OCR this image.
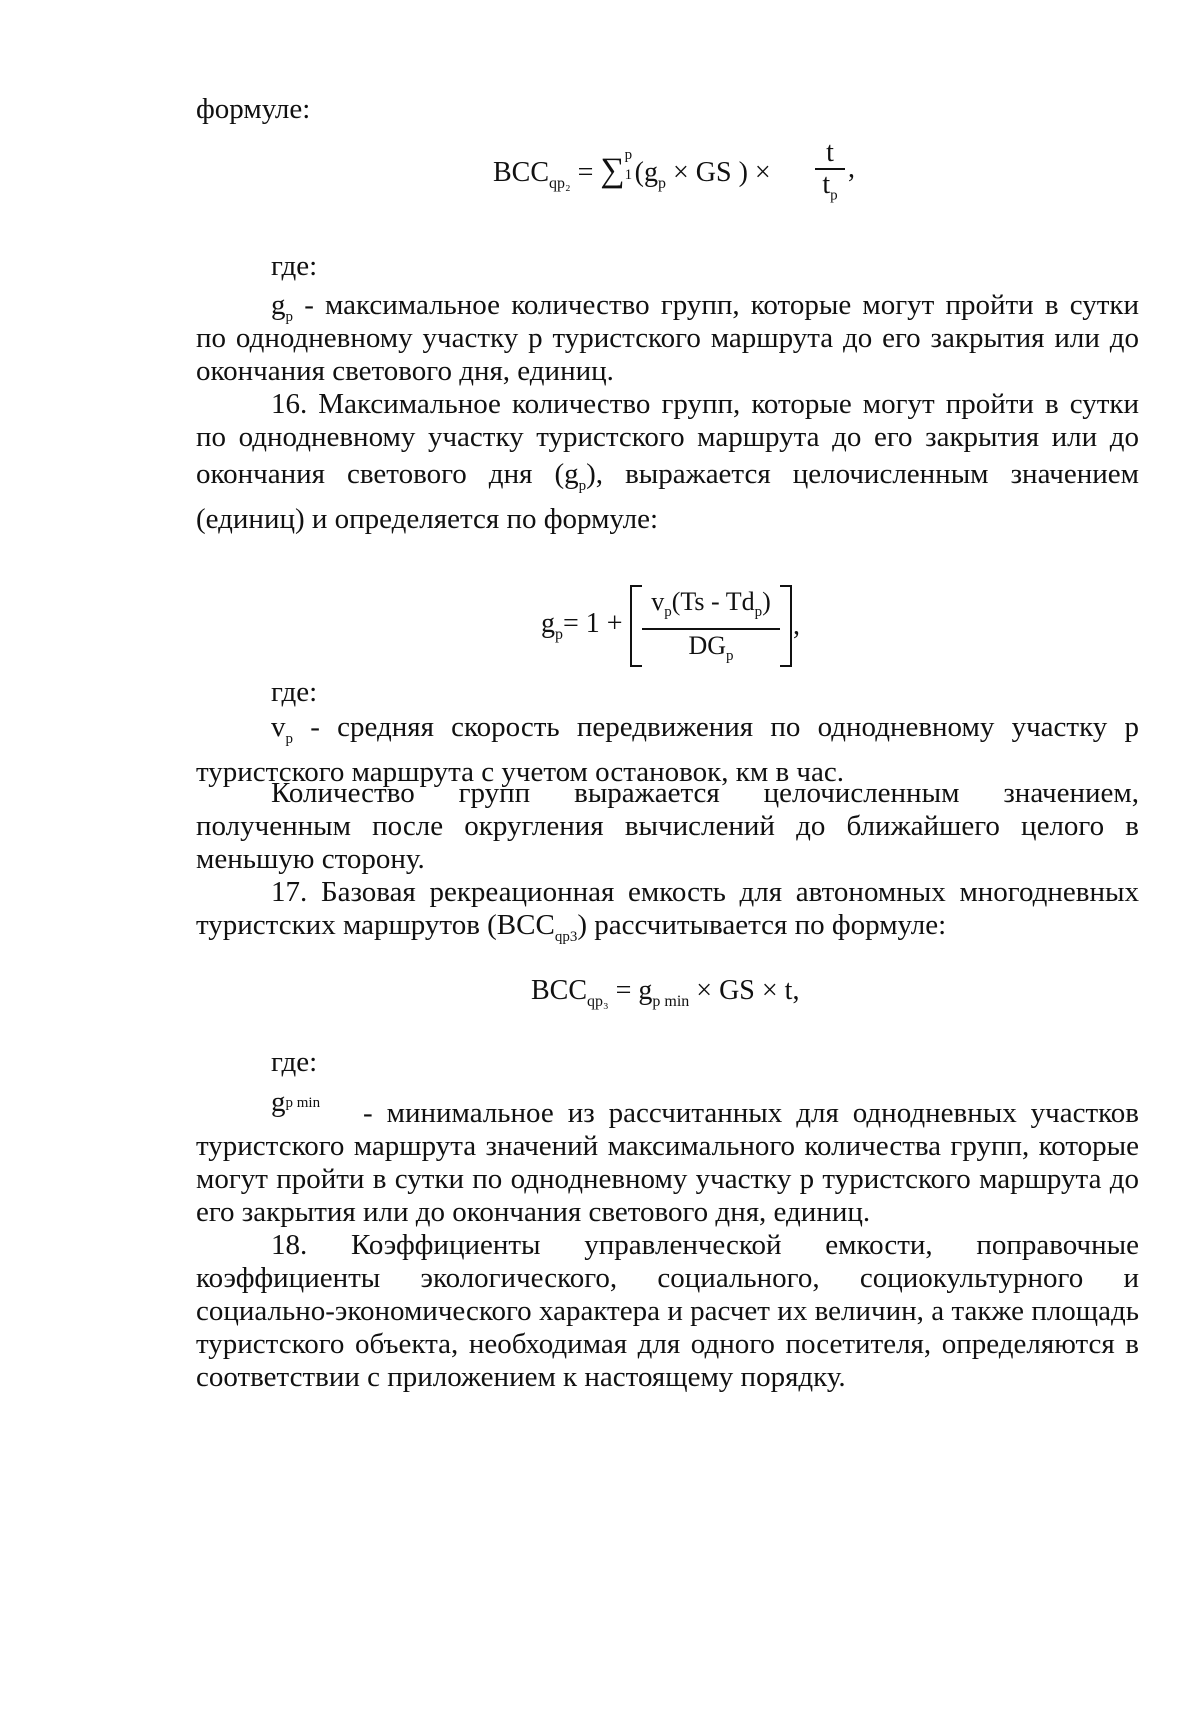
формуле:
$BCC_{qp_2}$ = ∑ p
1 ($g_p$ × GS ) ×
t
$t_p$
,
где:
$g_p$ - максимальное количество групп, которые могут пройти в сутки
по однодневному участку р туристского маршрута до его закрытия или до окончания светового дня, единиц.
16. Максимальное количество групп, которые могут пройти в сутки по однодневному участку туристского маршрута до его закрытия или до
окончания светового дня $(g_p)$, выражается целочисленным значением (единиц) и определяется по формуле:
$g_p= 1$ +
$v_p(Ts - Td_p)$
$DG_p$
,
где:
$v_p$ - средняя скорость передвижения по однодневному участку р туристского маршрута с учетом остановок, км в час.
Количество групп выражается целочисленным значением, полученным после округления вычислений до ближайшего целого в меньшую сторону.
17. Базовая рекреационная емкость для автономных многодневных
туристских маршрутов $(BCC_{qp3})$ рассчитывается по формуле:
$BCC_{qp_3} = g_{p min}$ × GS × t,
где:
gp min - минимальное из рассчитанных для однодневных участков
туристского маршрута значений максимального количества групп, которые могут пройти в сутки по однодневному участку р туристского маршрута до его закрытия или до окончания светового дня, единиц.
18. Коэффициенты управленческой емкости, поправочные коэффициенты экологического, социального, социокультурного и социально-экономического характера и расчет их величин, а также площадь туристского объекта, необходимая для одного посетителя, определяются в соответствии с приложением к настоящему порядку.
